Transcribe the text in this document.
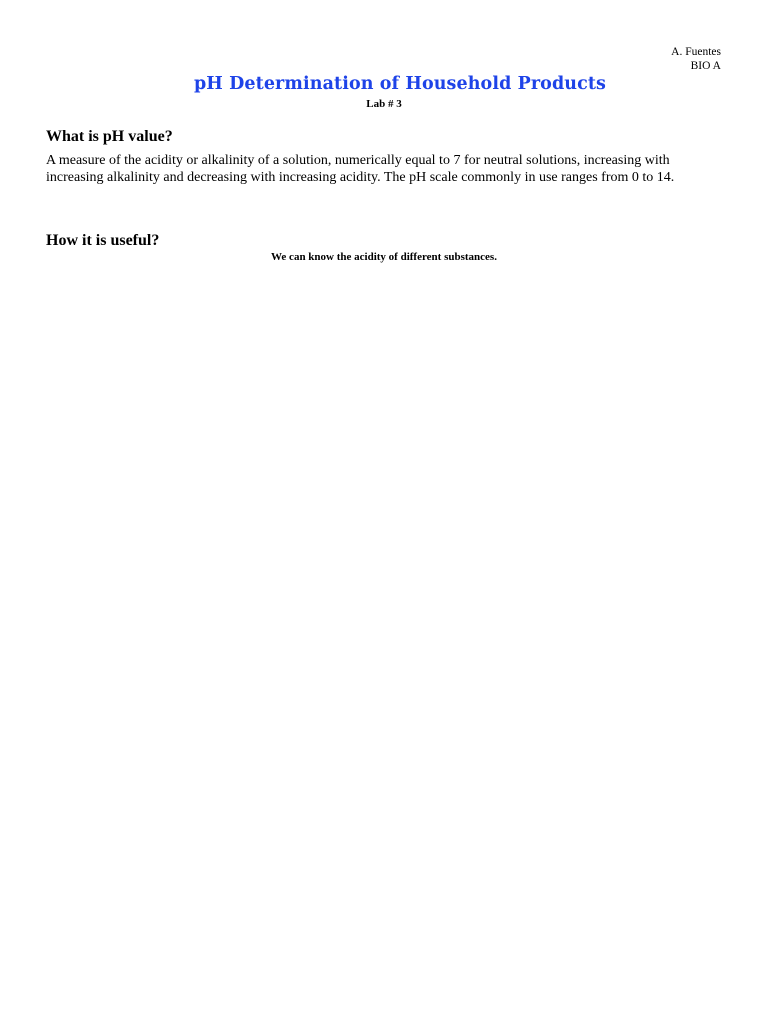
A. Fuentes
BIO A
pH Determination of Household Products
Lab # 3
What is pH value?

A measure of the acidity or alkalinity of a solution, numerically equal to 7 for neutral solutions, increasing with increasing alkalinity and decreasing with increasing acidity. The pH scale commonly in use ranges from 0 to 14.

How it is useful?
We can know the acidity of different substances.
